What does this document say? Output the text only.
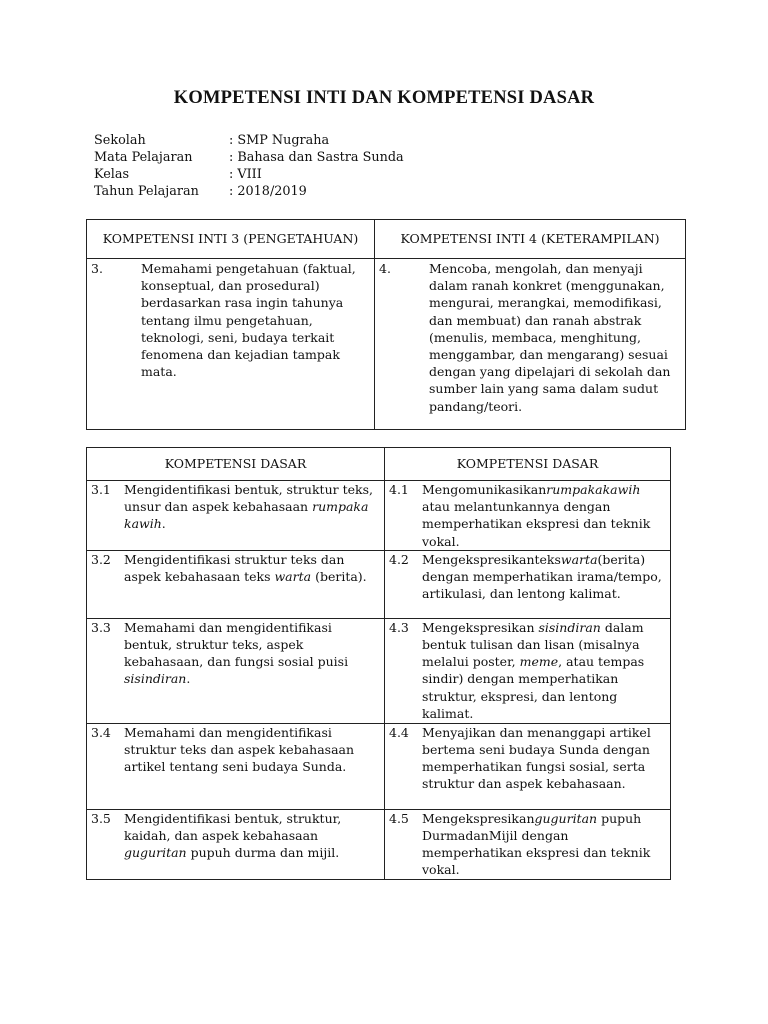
KOMPETENSI INTI DAN KOMPETENSI DASAR
Sekolah	: SMP Nugraha
Mata Pelajaran	: Bahasa dan Sastra Sunda
Kelas	: VIII
Tahun Pelajaran : 2018/2019
KOMPETENSI INTI 3 (PENGETAHUAN)	KOMPETENSI INTI 4 (KETERAMPILAN)

3. Memahami pengetahuan (faktual, konseptual, dan prosedural) berdasarkan rasa ingin tahunya tentang ilmu pengetahuan, teknologi, seni, budaya terkait fenomena dan kejadian tampak mata.	4. Mencoba, mengolah, dan menyaji dalam ranah konkret (menggunakan, mengurai, merangkai, memodifikasi, dan membuat) dan ranah abstrak (menulis, membaca, menghitung, menggambar, dan mengarang) sesuai dengan yang dipelajari di sekolah dan sumber lain yang sama dalam sudut pandang/teori.
KOMPETENSI DASAR	KOMPETENSI DASAR

3.1 Mengidentifikasi bentuk, struktur teks, unsur dan aspek kebahasaan rumpaka kawih.	4.1 Mengomunikasikanrumpakakawih atau melantunkannya dengan memperhatikan ekspresi dan teknik vokal.

3.2 Mengidentifikasi struktur teks dan aspek kebahasaan teks warta (berita).	4.2 Mengekspresikantekswarta(berita) dengan memperhatikan irama/tempo, artikulasi, dan lentong kalimat.

3.3 Memahami dan mengidentifikasi bentuk, struktur teks, aspek kebahasaan, dan fungsi sosial puisi sisindiran.	4.3 Mengekspresikan sisindiran dalam bentuk tulisan dan lisan (misalnya melalui poster, meme, atau tempas sindir) dengan memperhatikan struktur, ekspresi, dan lentong kalimat.

3.4 Memahami dan mengidentifikasi struktur teks dan aspek kebahasaan artikel tentang seni budaya Sunda.	4.4 Menyajikan dan menanggapi artikel bertema seni budaya Sunda dengan memperhatikan fungsi sosial, serta struktur dan aspek kebahasaan.

3.5 Mengidentifikasi bentuk, struktur, kaidah, dan aspek kebahasaan guguritan pupuh durma dan mijil.	4.5 Mengekspresikanguguritan pupuh DurmadanMijil dengan memperhatikan ekspresi dan teknik vokal.
